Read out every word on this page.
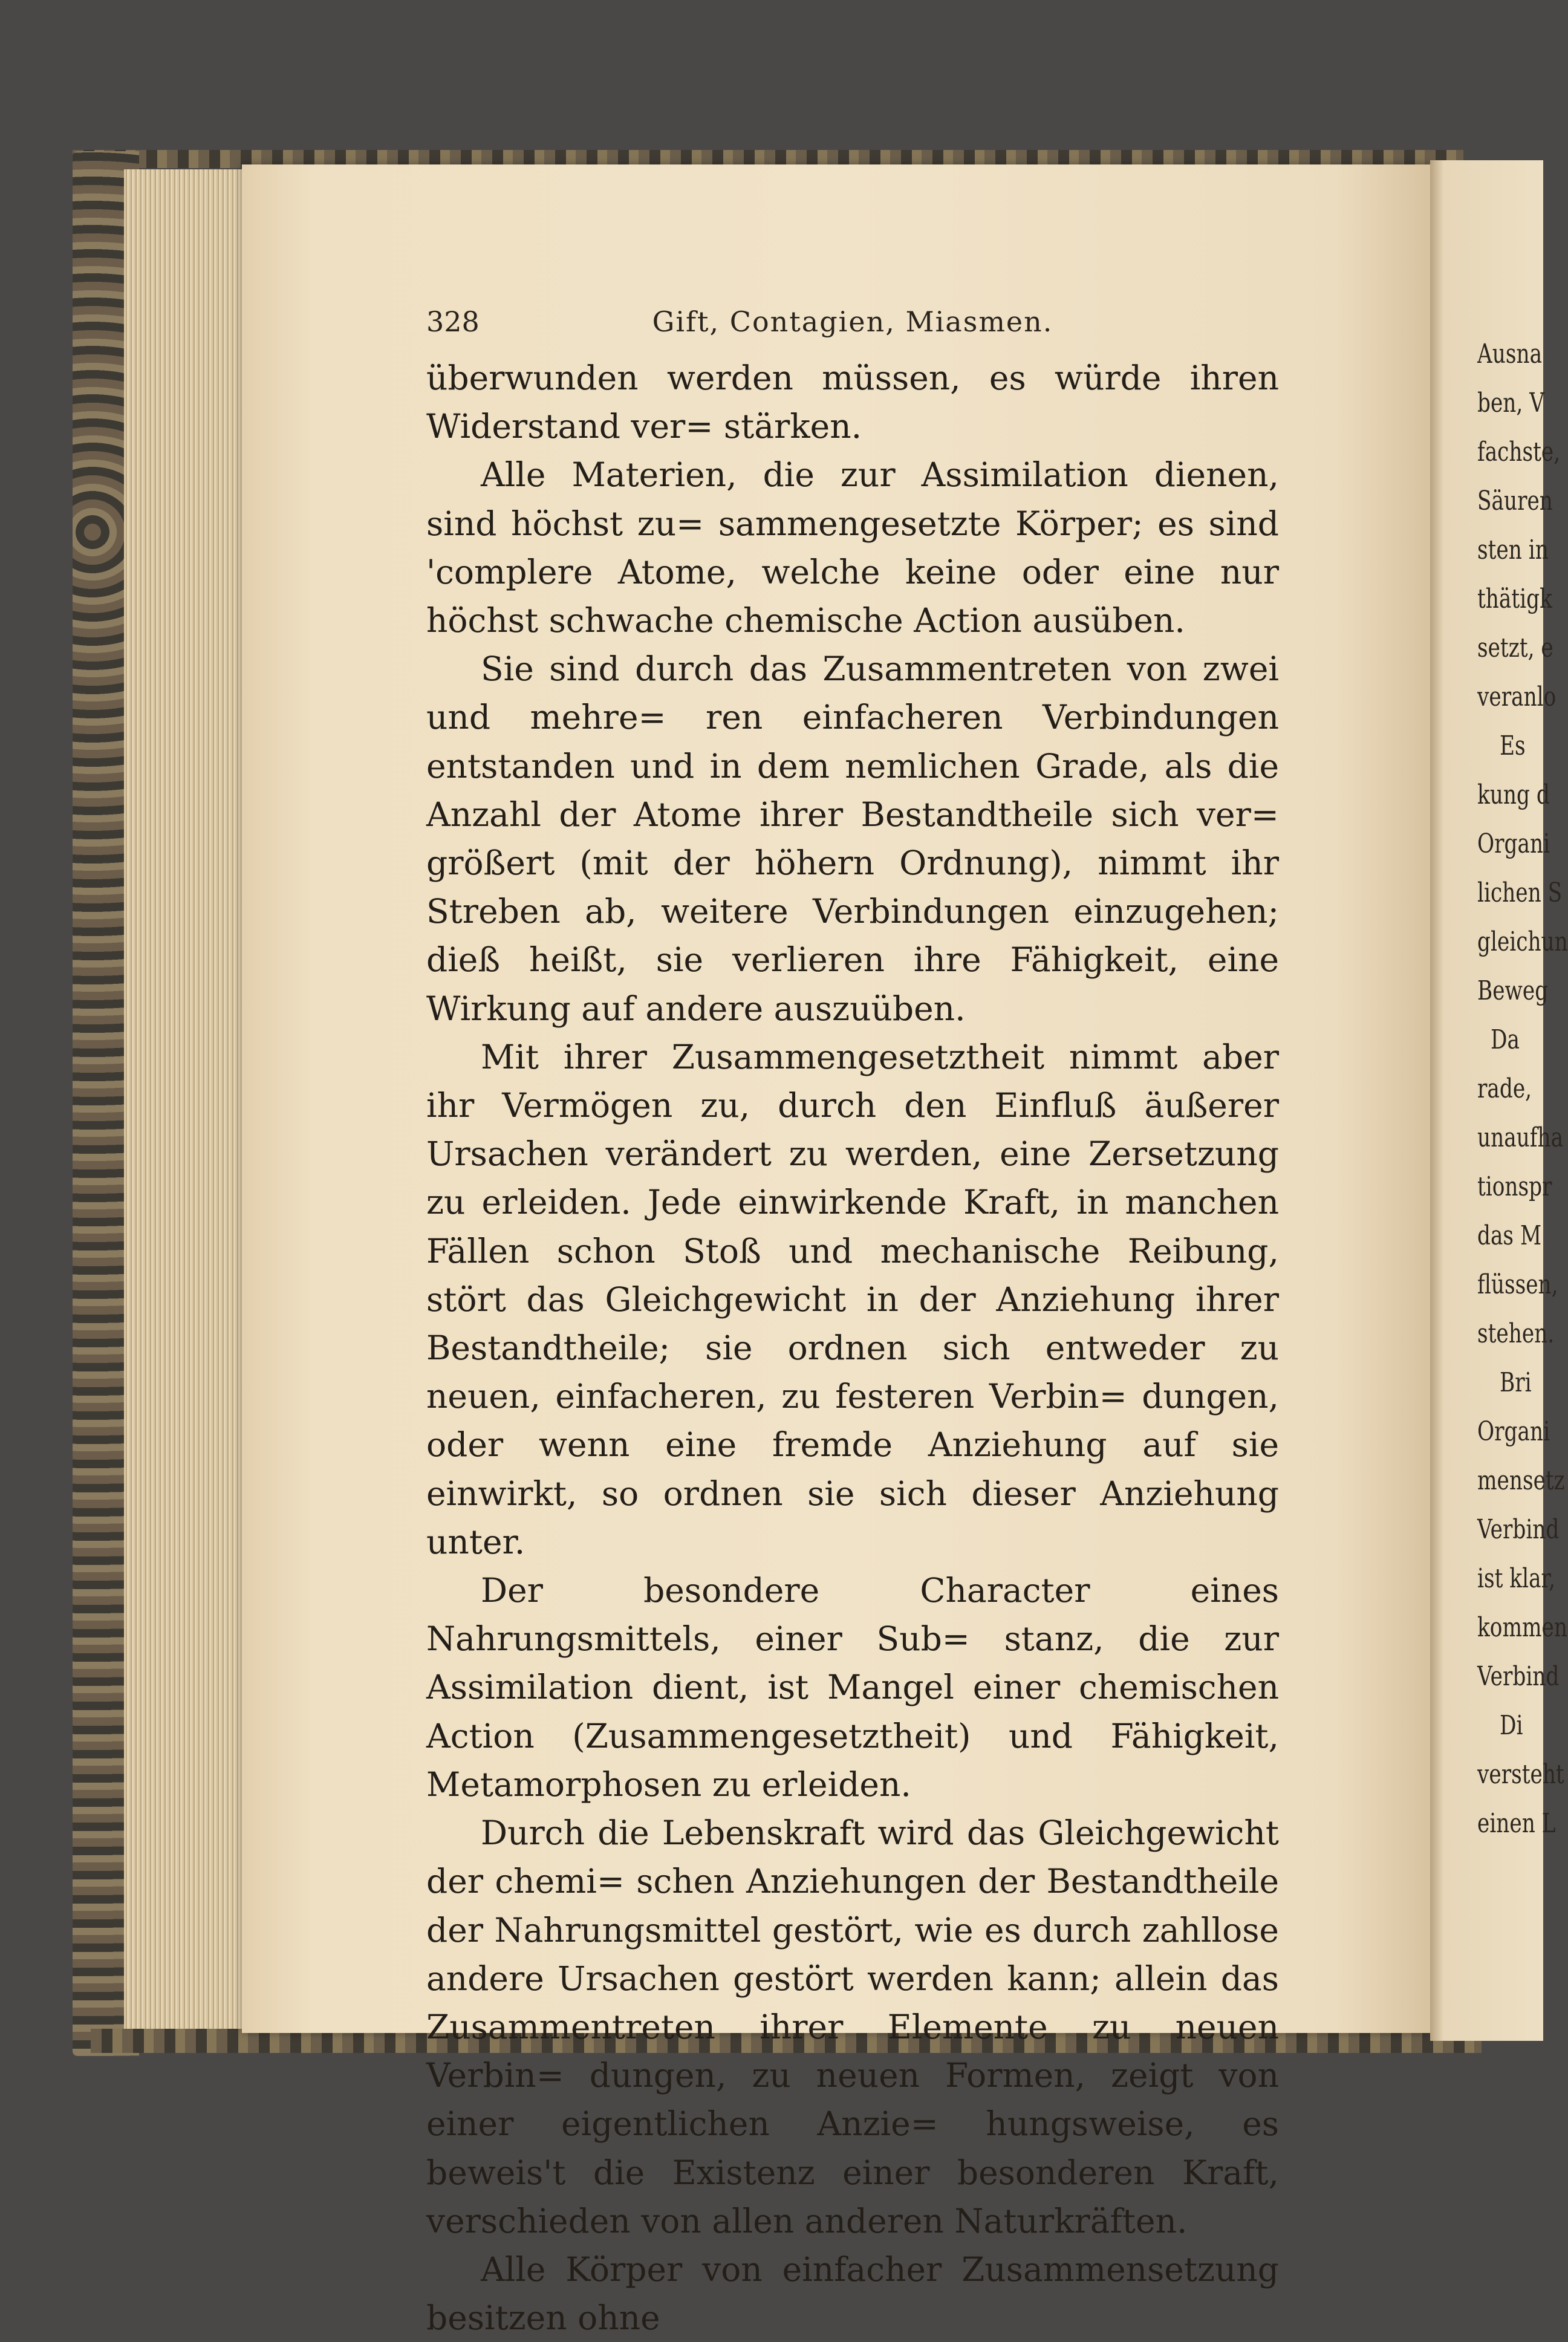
Ausna
ben, V
fachste,
Säuren
sten in
thätigk
setzt, e
veranlo
Es
kung d
Organi
lichen S
gleichun
Beweg
Da
rade,
unaufha
tionspr
das M
flüssen,
stehen.
Bri
Organi
mensetz
Verbind
ist klar,
kommen
Verbind
Di
versteht
einen L
328	Gift, Contagien, Miasmen.

überwunden werden müssen, es würde ihren Widerstand ver= stärken.

Alle Materien, die zur Assimilation dienen, sind höchst zu= sammengesetzte Körper; es sind 'complere Atome, welche keine oder eine nur höchst schwache chemische Action ausüben.

Sie sind durch das Zusammentreten von zwei und mehre= ren einfacheren Verbindungen entstanden und in dem nemlichen Grade, als die Anzahl der Atome ihrer Bestandtheile sich ver= größert (mit der höhern Ordnung), nimmt ihr Streben ab, weitere Verbindungen einzugehen; dieß heißt, sie verlieren ihre Fähigkeit, eine Wirkung auf andere auszuüben.

Mit ihrer Zusammengesetztheit nimmt aber ihr Vermögen zu, durch den Einfluß äußerer Ursachen verändert zu werden, eine Zersetzung zu erleiden. Jede einwirkende Kraft, in manchen Fällen schon Stoß und mechanische Reibung, stört das Gleichgewicht in der Anziehung ihrer Bestandtheile; sie ordnen sich entweder zu neuen, einfacheren, zu festeren Verbin= dungen, oder wenn eine fremde Anziehung auf sie einwirkt, so ordnen sie sich dieser Anziehung unter.

Der besondere Character eines Nahrungsmittels, einer Sub= stanz, die zur Assimilation dient, ist Mangel einer chemischen Action (Zusammengesetztheit) und Fähigkeit, Metamorphosen zu erleiden.

Durch die Lebenskraft wird das Gleichgewicht der chemi= schen Anziehungen der Bestandtheile der Nahrungsmittel gestört, wie es durch zahllose andere Ursachen gestört werden kann; allein das Zusammentreten ihrer Elemente zu neuen Verbin= dungen, zu neuen Formen, zeigt von einer eigentlichen Anzie= hungsweise, es beweis't die Existenz einer besonderen Kraft, verschieden von allen anderen Naturkräften.

Alle Körper von einfacher Zusammensetzung besitzen ohne
